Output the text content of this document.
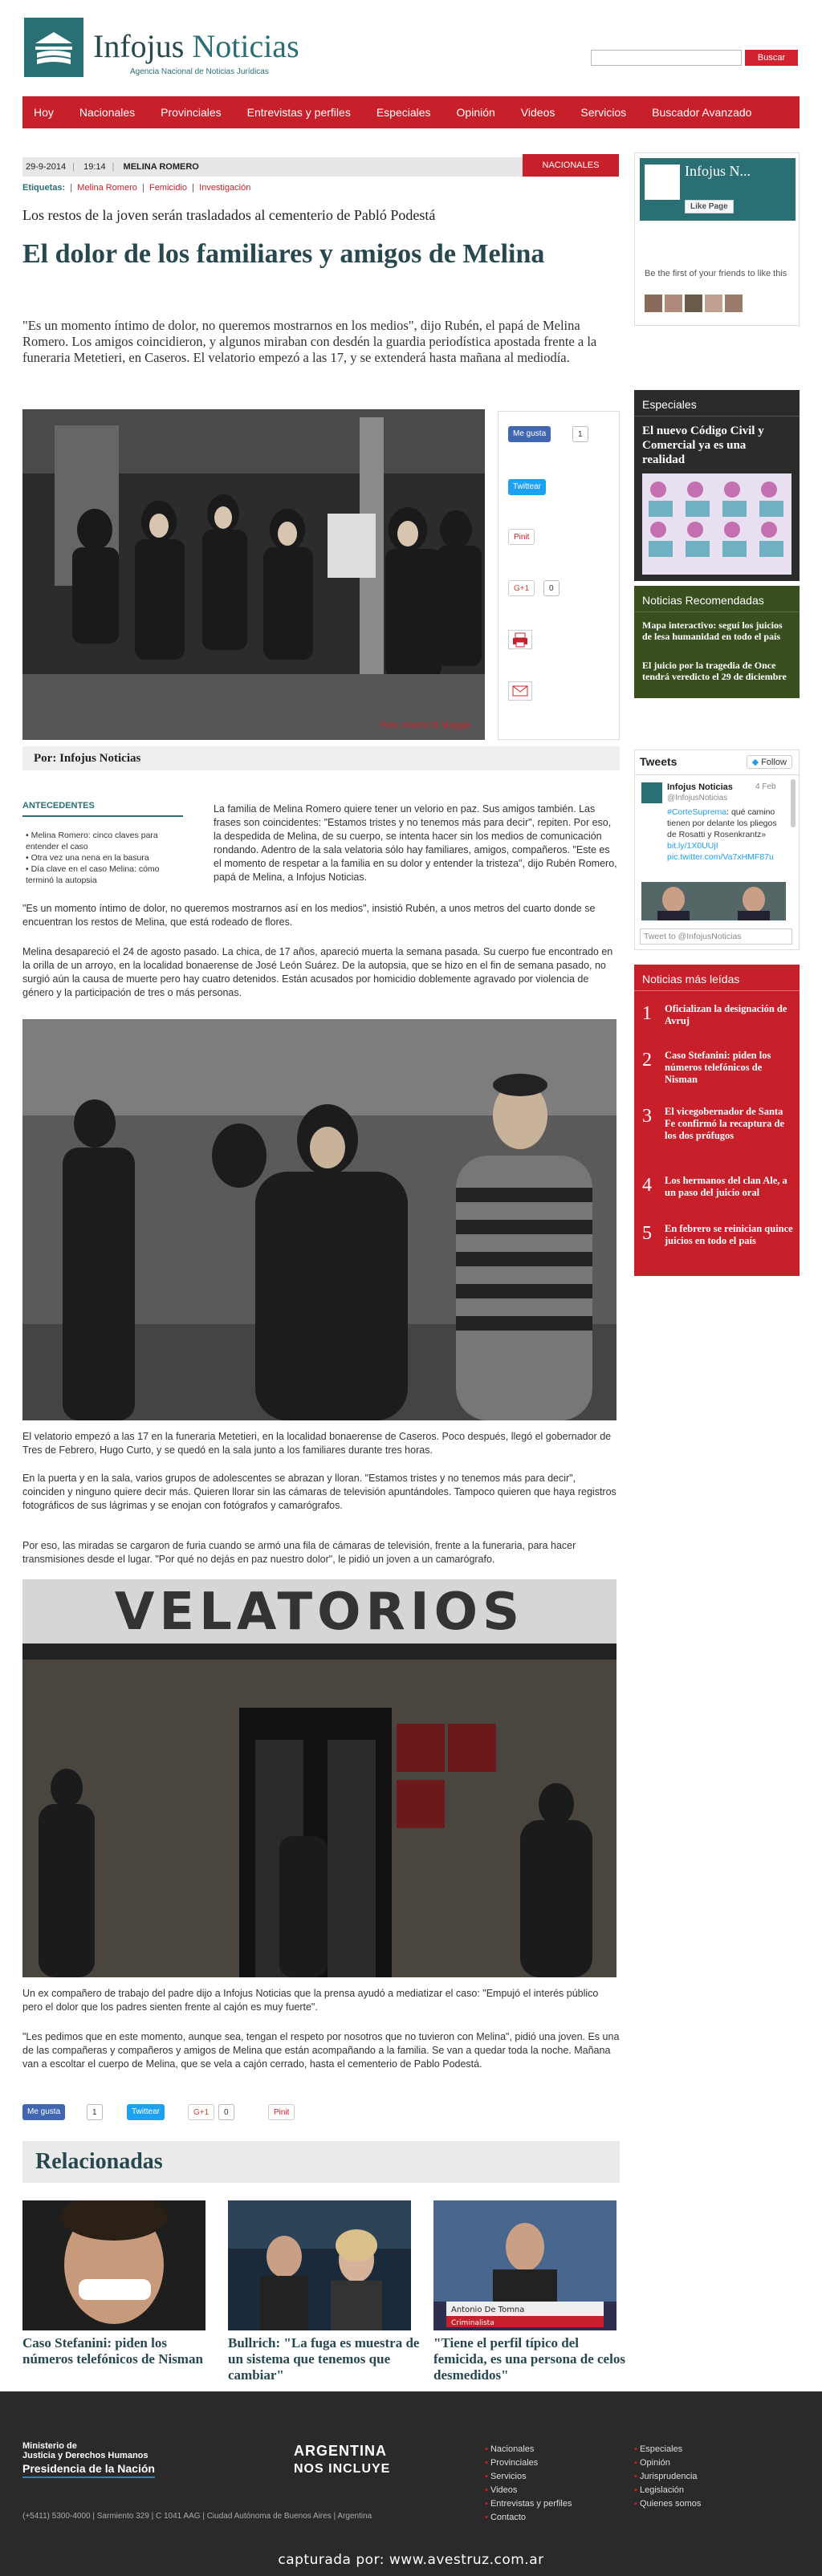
Infojus Noticias
Agencia Nacional de Noticias Jurídicas
Buscar
Hoy Nacionales Provinciales Entrevistas y perfiles Especiales Opinión Videos Servicios Buscador Avanzado
29-9-2014 | 19:14 | MELINA ROMERO	NACIONALES
Etiquetas:  |  Melina Romero  |  Femicidio  |  Investigación
Los restos de la joven serán trasladados al cementerio de Pabló Podestá
El dolor de los familiares y amigos de Melina
"Es un momento íntimo de dolor, no queremos mostrarnos en los medios", dijo Rubén, el papá de Melina Romero. Los amigos coincidieron, y algunos miraban con desdén la guardia periodística apostada frente a la funeraria Metetieri, en Caseros. El velatorio empezó a las 17, y se extenderá hasta mañana al mediodía.
Foto: Martín Di Maggio
Me gusta	1
Twittear
Pinit
G+1	0
Por: Infojus Noticias
ANTECEDENTES
• Melina Romero: cinco claves para entender el caso
• Otra vez una nena en la basura
• Día clave en el caso Melina: cómo terminó la autopsia
La familia de Melina Romero quiere tener un velorio en paz. Sus amigos también. Las frases son coincidentes: "Estamos tristes y no tenemos más para decir", repiten. Por eso, la despedida de Melina, de su cuerpo, se intenta hacer sin los medios de comunicación rondando. Adentro de la sala velatoria sólo hay familiares, amigos, compañeros. "Este es el momento de respetar a la familia en su dolor y entender la tristeza", dijo Rubén Romero, papá de Melina, a Infojus Noticias.
"Es un momento íntimo de dolor, no queremos mostrarnos así en los medios", insistió Rubén, a unos metros del cuarto donde se encuentran los restos de Melina, que está rodeado de flores.
Melina desapareció el 24 de agosto pasado. La chica, de 17 años, apareció muerta la semana pasada. Su cuerpo fue encontrado en la orilla de un arroyo, en la localidad bonaerense de José León Suárez. De la autopsia, que se hizo en el fin de semana pasado, no surgió aún la causa de muerte pero hay cuatro detenidos. Están acusados por homicidio doblemente agravado por violencia de género y la participación de tres o más personas.
El velatorio empezó a las 17 en la funeraria Metetieri, en la localidad bonaerense de Caseros. Poco después, llegó el gobernador de Tres de Febrero, Hugo Curto, y se quedó en la sala junto a los familiares durante tres horas.
En la puerta y en la sala, varios grupos de adolescentes se abrazan y lloran. "Estamos tristes y no tenemos más para decir", coinciden y ninguno quiere decir más. Quieren llorar sin las cámaras de televisión apuntándoles. Tampoco quieren que haya registros fotográficos de sus lágrimas y se enojan con fotógrafos y camarógrafos.
Por eso, las miradas se cargaron de furia cuando se armó una fila de cámaras de televisión, frente a la funeraria, para hacer transmisiones desde el lugar. "Por qué no dejás en paz nuestro dolor", le pidió un joven a un camarógrafo.
VELATORIOS
Un ex compañero de trabajo del padre dijo a Infojus Noticias que la prensa ayudó a mediatizar el caso: "Empujó el interés público pero el dolor que los padres sienten frente al cajón es muy fuerte".
"Les pedimos que en este momento, aunque sea, tengan el respeto por nosotros que no tuvieron con Melina", pidió una joven. Es una de las compañeras y compañeros y amigos de Melina que están acompañando a la familia. Se van a quedar toda la noche. Mañana van a escoltar el cuerpo de Melina, que se vela a cajón cerrado, hasta el cementerio de Pablo Podestá.
Me gusta	1	Twittear	G+1	0	Pinit
Relacionadas
Antonio De Tomna
Criminalista
Caso Stefanini: piden los números telefónicos de Nisman
Bullrich: "La fuga es muestra de un sistema que tenemos que cambiar"
"Tiene el perfil típico del femicida, es una persona de celos desmedidos"
Infojus N...
Like Page
Be the first of your friends to like this
Especiales
El nuevo Código Civil y Comercial ya es una realidad
Noticias Recomendadas
Mapa interactivo: seguí los juicios de lesa humanidad en todo el país
El juicio por la tragedia de Once tendrá veredicto el 29 de diciembre
Tweets	◆ Follow
Infojus Noticias	4 Feb
@InfojusNoticias
#CorteSuprema: qué camino tienen por delante los pliegos de Rosatti y Rosenkrantz» bit.ly/1X0UUjI pic.twitter.com/Va7xHMF87u
Tweet to @InfojusNoticias
Noticias más leídas
1 Oficializan la designación de Avruj
2 Caso Stefanini: piden los números telefónicos de Nisman
3 El vicegobernador de Santa Fe confirmó la recaptura de los dos prófugos
4 Los hermanos del clan Ale, a un paso del juicio oral
5 En febrero se reinician quince juicios en todo el país
Ministerio de
Justicia y Derechos Humanos
Presidencia de la Nación
ARGENTINA
NOS INCLUYE
(+5411) 5300-4000 | Sarmiento 329 | C 1041 AAG | Ciudad Autónoma de Buenos Aires | Argentina
▪ Nacionales
▪ Provinciales
▪ Servicios
▪ Videos
▪ Entrevistas y perfiles
▪ Contacto
▪ Especiales
▪ Opinión
▪ Jurisprudencia
▪ Legislación
▪ Quienes somos
capturada por: www.avestruz.com.ar
